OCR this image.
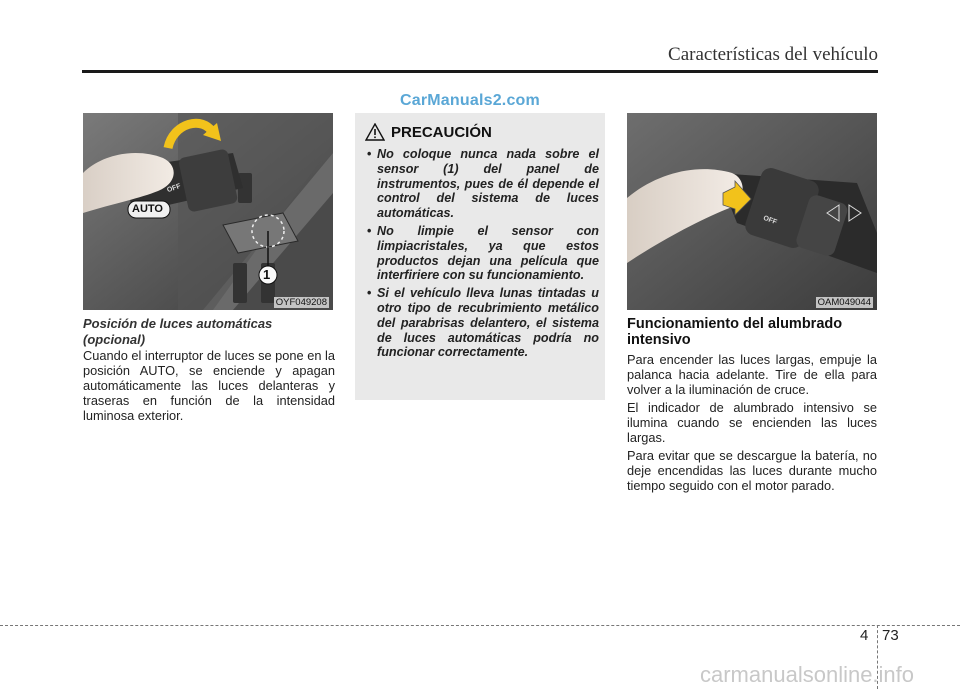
Características del vehículo
CarManuals2.com
AUTO
1
OFF
OYF049208
Posición de luces automáticas (opcional)
Cuando el interruptor de luces se pone en la posición AUTO, se enciende y apagan automáticamente las luces delanteras y traseras en función de la intensidad luminosa exterior.
PRECAUCIÓN
• No coloque nunca nada sobre el sensor (1) del panel de instrumentos, pues de él depende el control del sistema de luces automáticas.
• No limpie el sensor con limpiacristales, ya que estos productos dejan una película que interfiriere con su funcionamiento.
• Si el vehículo lleva lunas tintadas u otro tipo de recubrimiento metálico del parabrisas delantero, el sistema de luces automáticas podría no funcionar correctamente.
OFF
OAM049044
Funcionamiento del alumbrado intensivo
Para encender las luces largas, empuje la palanca hacia adelante. Tire de ella para volver a la iluminación de cruce.
El indicador de alumbrado intensivo se ilumina cuando se encienden las luces largas.
Para evitar que se descargue la batería, no deje encendidas las luces durante mucho tiempo seguido con el motor parado.
4 73
carmanualsonline.info
